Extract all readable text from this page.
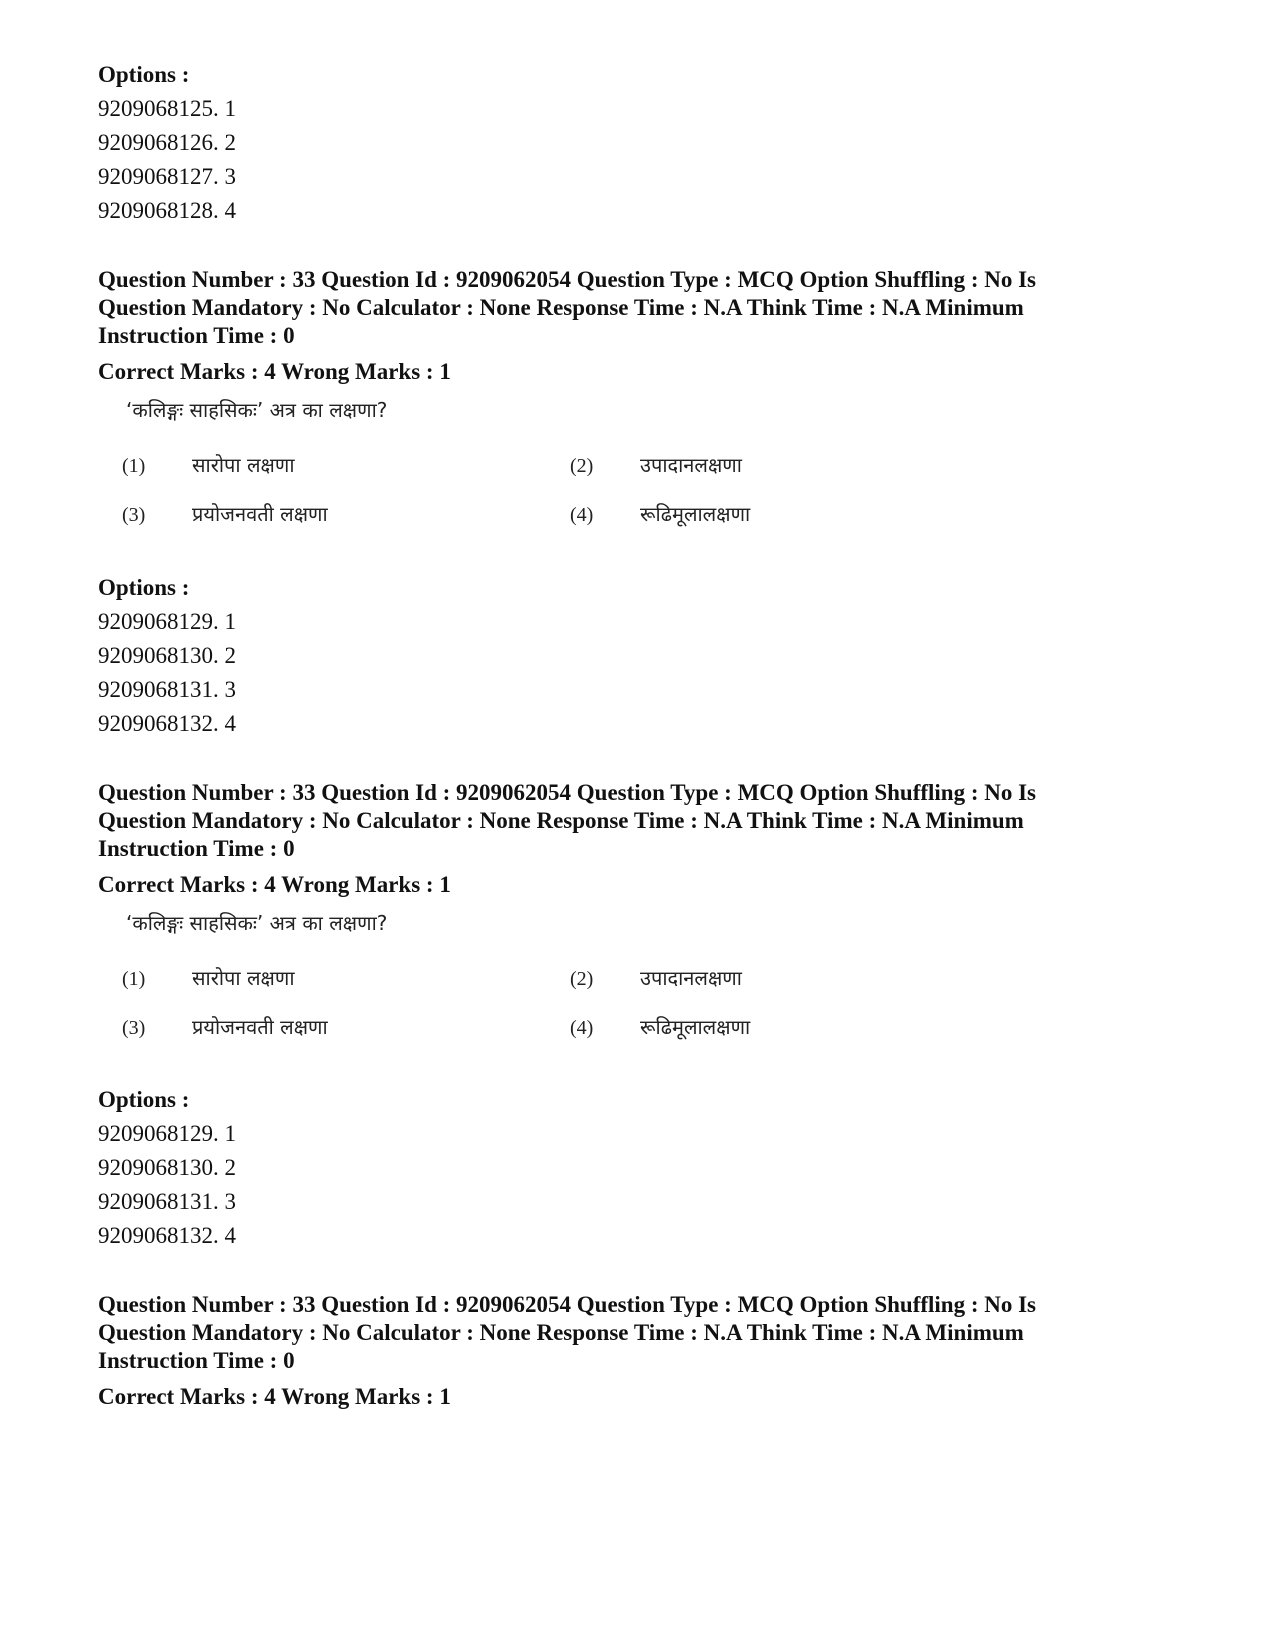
Options :

9209068125. 1

9209068126. 2

9209068127. 3

9209068128. 4

Question Number : 33 Question Id : 9209062054 Question Type : MCQ Option Shuffling : No Is

Question Mandatory : No Calculator : None Response Time : N.A Think Time : N.A Minimum

Instruction Time : 0

Correct Marks : 4 Wrong Marks : 1

‘कलिङ्गः साहसिकः’ अत्र का लक्षणा?
(1) सारोपा लक्षणा	(2) उपादानलक्षणा
(3) प्रयोजनवती लक्षणा	(4) रूढिमूलालक्षणा

Options :

9209068129. 1

9209068130. 2

9209068131. 3

9209068132. 4

Question Number : 33 Question Id : 9209062054 Question Type : MCQ Option Shuffling : No Is

Question Mandatory : No Calculator : None Response Time : N.A Think Time : N.A Minimum

Instruction Time : 0

Correct Marks : 4 Wrong Marks : 1

‘कलिङ्गः साहसिकः’ अत्र का लक्षणा?
(1) सारोपा लक्षणा	(2) उपादानलक्षणा
(3) प्रयोजनवती लक्षणा	(4) रूढिमूलालक्षणा

Options :

9209068129. 1

9209068130. 2

9209068131. 3

9209068132. 4

Question Number : 33 Question Id : 9209062054 Question Type : MCQ Option Shuffling : No Is

Question Mandatory : No Calculator : None Response Time : N.A Think Time : N.A Minimum

Instruction Time : 0

Correct Marks : 4 Wrong Marks : 1
